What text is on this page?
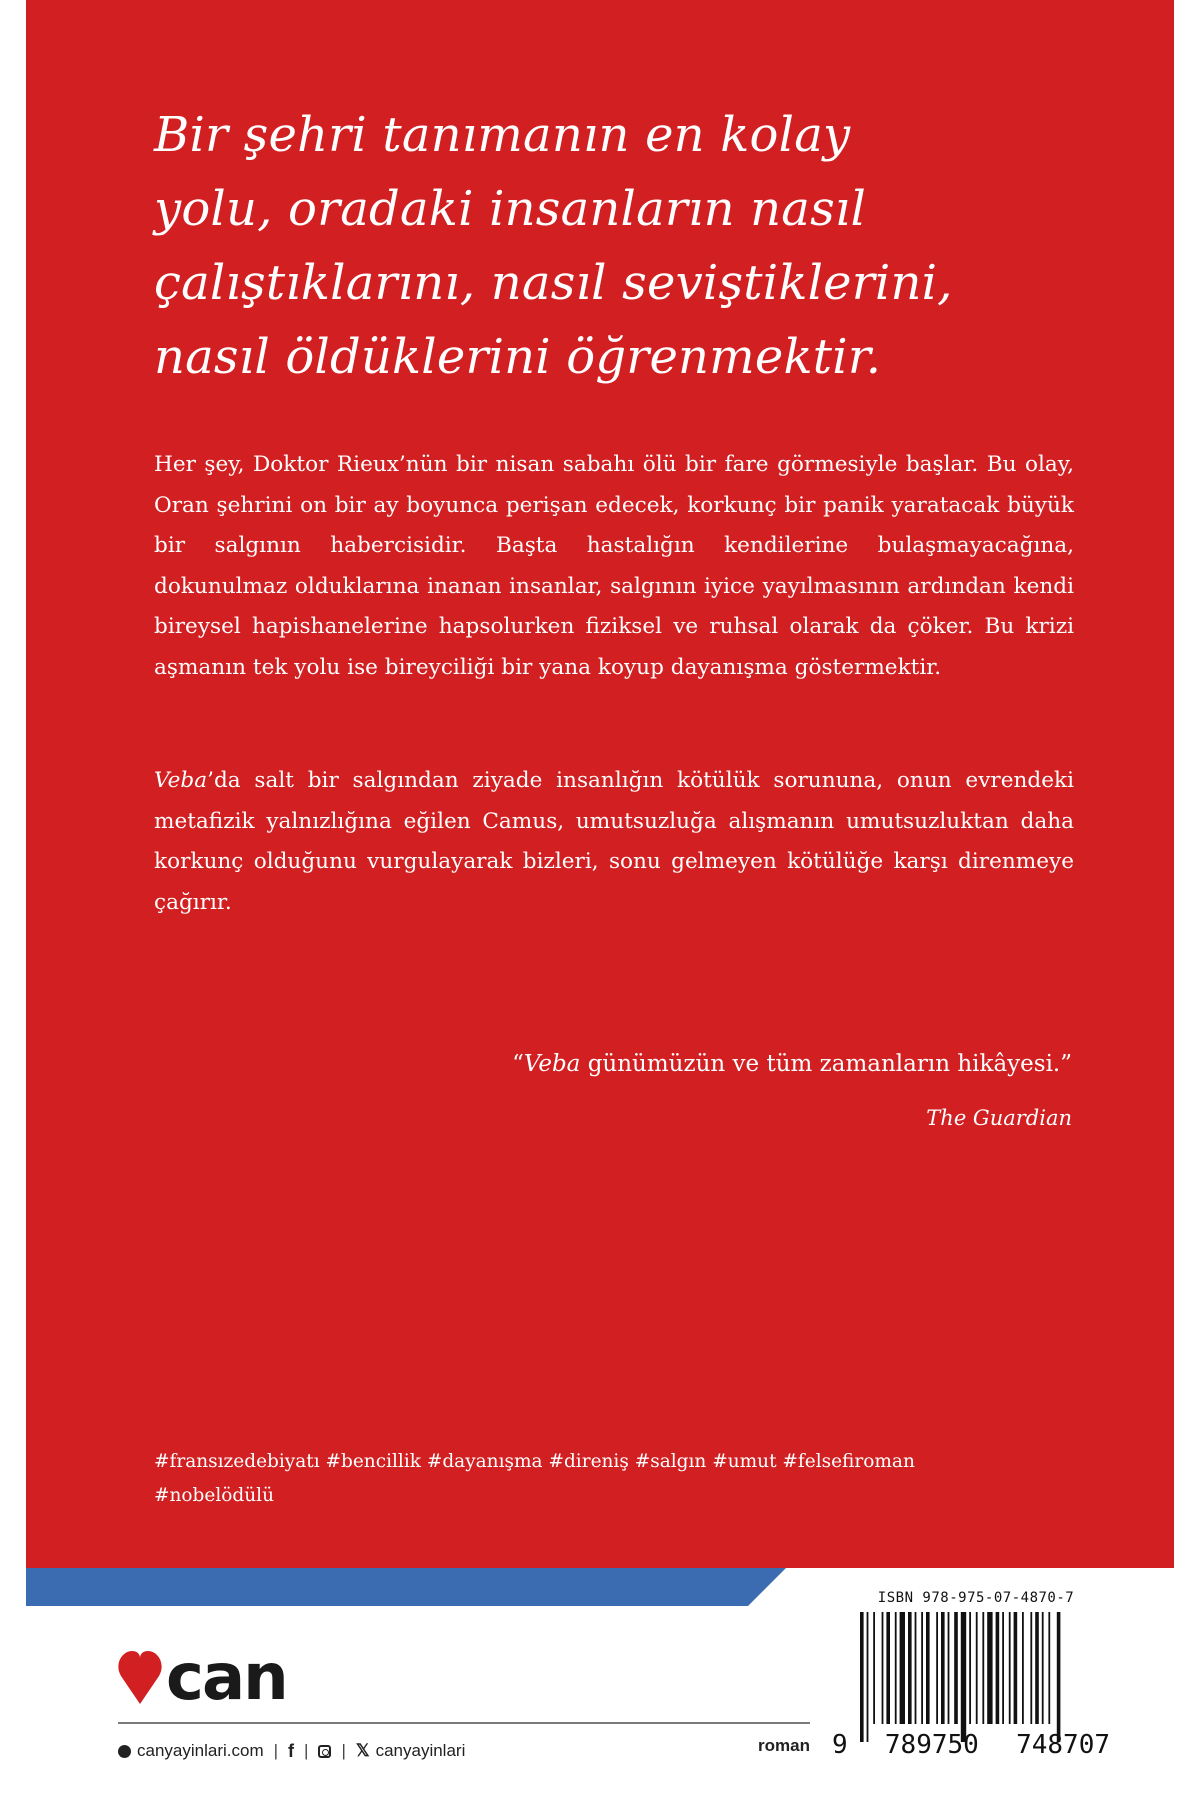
Bir şehri tanımanın en kolay
yolu, oradaki insanların nasıl
çalıştıklarını, nasıl seviştiklerini,
nasıl öldüklerini öğrenmektir.

Her şey, Doktor Rieux’nün bir nisan sabahı ölü bir fare görmesiyle başlar. Bu olay, Oran şehrini on bir ay boyunca perişan edecek, korkunç bir panik yaratacak büyük bir salgının habercisidir. Başta hastalığın kendilerine bulaşmayacağına, dokunulmaz olduklarına inanan insanlar, salgının iyice yayılmasının ardından kendi bireysel hapishanelerine hapsolurken fiziksel ve ruhsal olarak da çöker. Bu krizi aşmanın tek yolu ise bireyciliği bir yana koyup dayanışma göstermektir.

Veba’da salt bir salgından ziyade insanlığın kötülük sorununa, onun evrendeki metafizik yalnızlığına eğilen Camus, umutsuzluğa alışmanın umutsuzluktan daha korkunç olduğunu vurgulayarak bizleri, sonu gelmeyen kötülüğe karşı direnmeye çağırır.

“Veba günümüzün ve tüm zamanların hikâyesi.”

The Guardian

#fransızedebiyatı #bencillik #dayanışma #direniş #salgın #umut #felsefiroman
#nobelödülü

can
canyayinlari.com | f | | 𝕏 canyayinlari	roman
ISBN 978-975-07-4870-7
9 789750 748707
